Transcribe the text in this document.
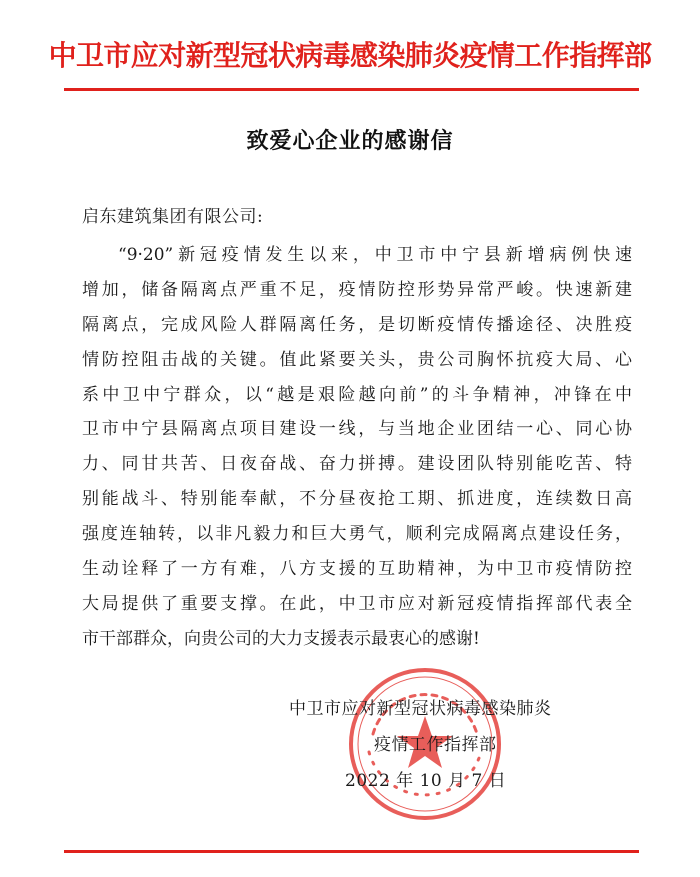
中卫市应对新型冠状病毒感染肺炎疫情工作指挥部
致爱心企业的感谢信
启东建筑集团有限公司:
“9·20”新冠疫情发生以来，中卫市中宁县新增病例快速
增加，储备隔离点严重不足，疫情防控形势异常严峻。快速新建
隔离点，完成风险人群隔离任务，是切断疫情传播途径、决胜疫
情防控阻击战的关键。值此紧要关头，贵公司胸怀抗疫大局、心
系中卫中宁群众，以“越是艰险越向前”的斗争精神，冲锋在中
卫市中宁县隔离点项目建设一线，与当地企业团结一心、同心协
力、同甘共苦、日夜奋战、奋力拼搏。建设团队特别能吃苦、特
别能战斗、特别能奉献，不分昼夜抢工期、抓进度，连续数日高
强度连轴转，以非凡毅力和巨大勇气，顺利完成隔离点建设任务，
生动诠释了一方有难，八方支援的互助精神，为中卫市疫情防控
大局提供了重要支撑。在此，中卫市应对新冠疫情指挥部代表全
市干部群众，向贵公司的大力支援表示最衷心的感谢!
中卫市应对新型冠状病毒感染肺炎
疫情工作指挥部
2022 年 10 月 7 日
